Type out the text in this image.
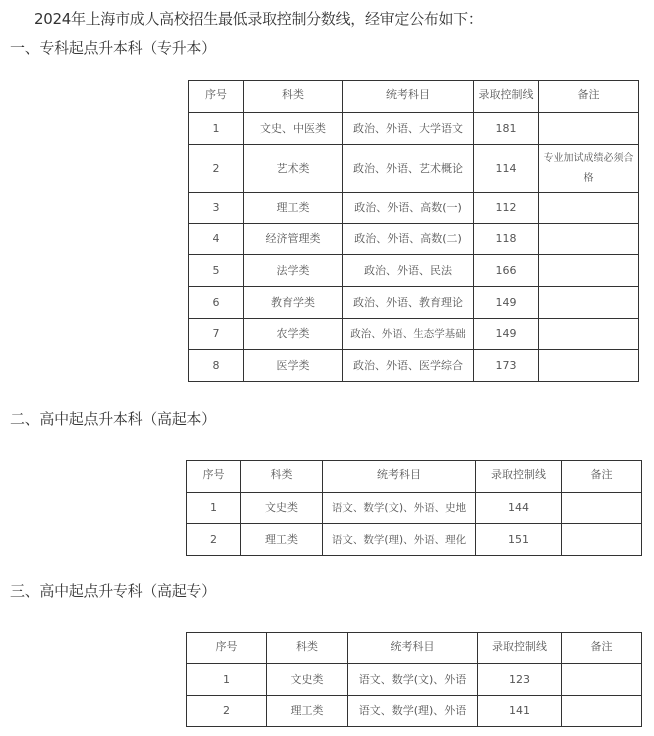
2024年上海市成人高校招生最低录取控制分数线，经审定公布如下：
一、专科起点升本科（专升本）
序号	科类	统考科目	录取控制线	备注
1	文史、中医类	政治、外语、大学语文	181	
2	艺术类	政治、外语、艺术概论	114	专业加试成绩必须合格
3	理工类	政治、外语、高数(一)	112	
4	经济管理类	政治、外语、高数(二)	118	
5	法学类	政治、外语、民法	166	
6	教育学类	政治、外语、教育理论	149	
7	农学类	政治、外语、生态学基础	149	
8	医学类	政治、外语、医学综合	173	
二、高中起点升本科（高起本）
序号	科类	统考科目	录取控制线	备注
1	文史类	语文、数学(文)、外语、史地	144	
2	理工类	语文、数学(理)、外语、理化	151	
三、高中起点升专科（高起专）
序号	科类	统考科目	录取控制线	备注
1	文史类	语文、数学(文)、外语	123	
2	理工类	语文、数学(理)、外语	141	
